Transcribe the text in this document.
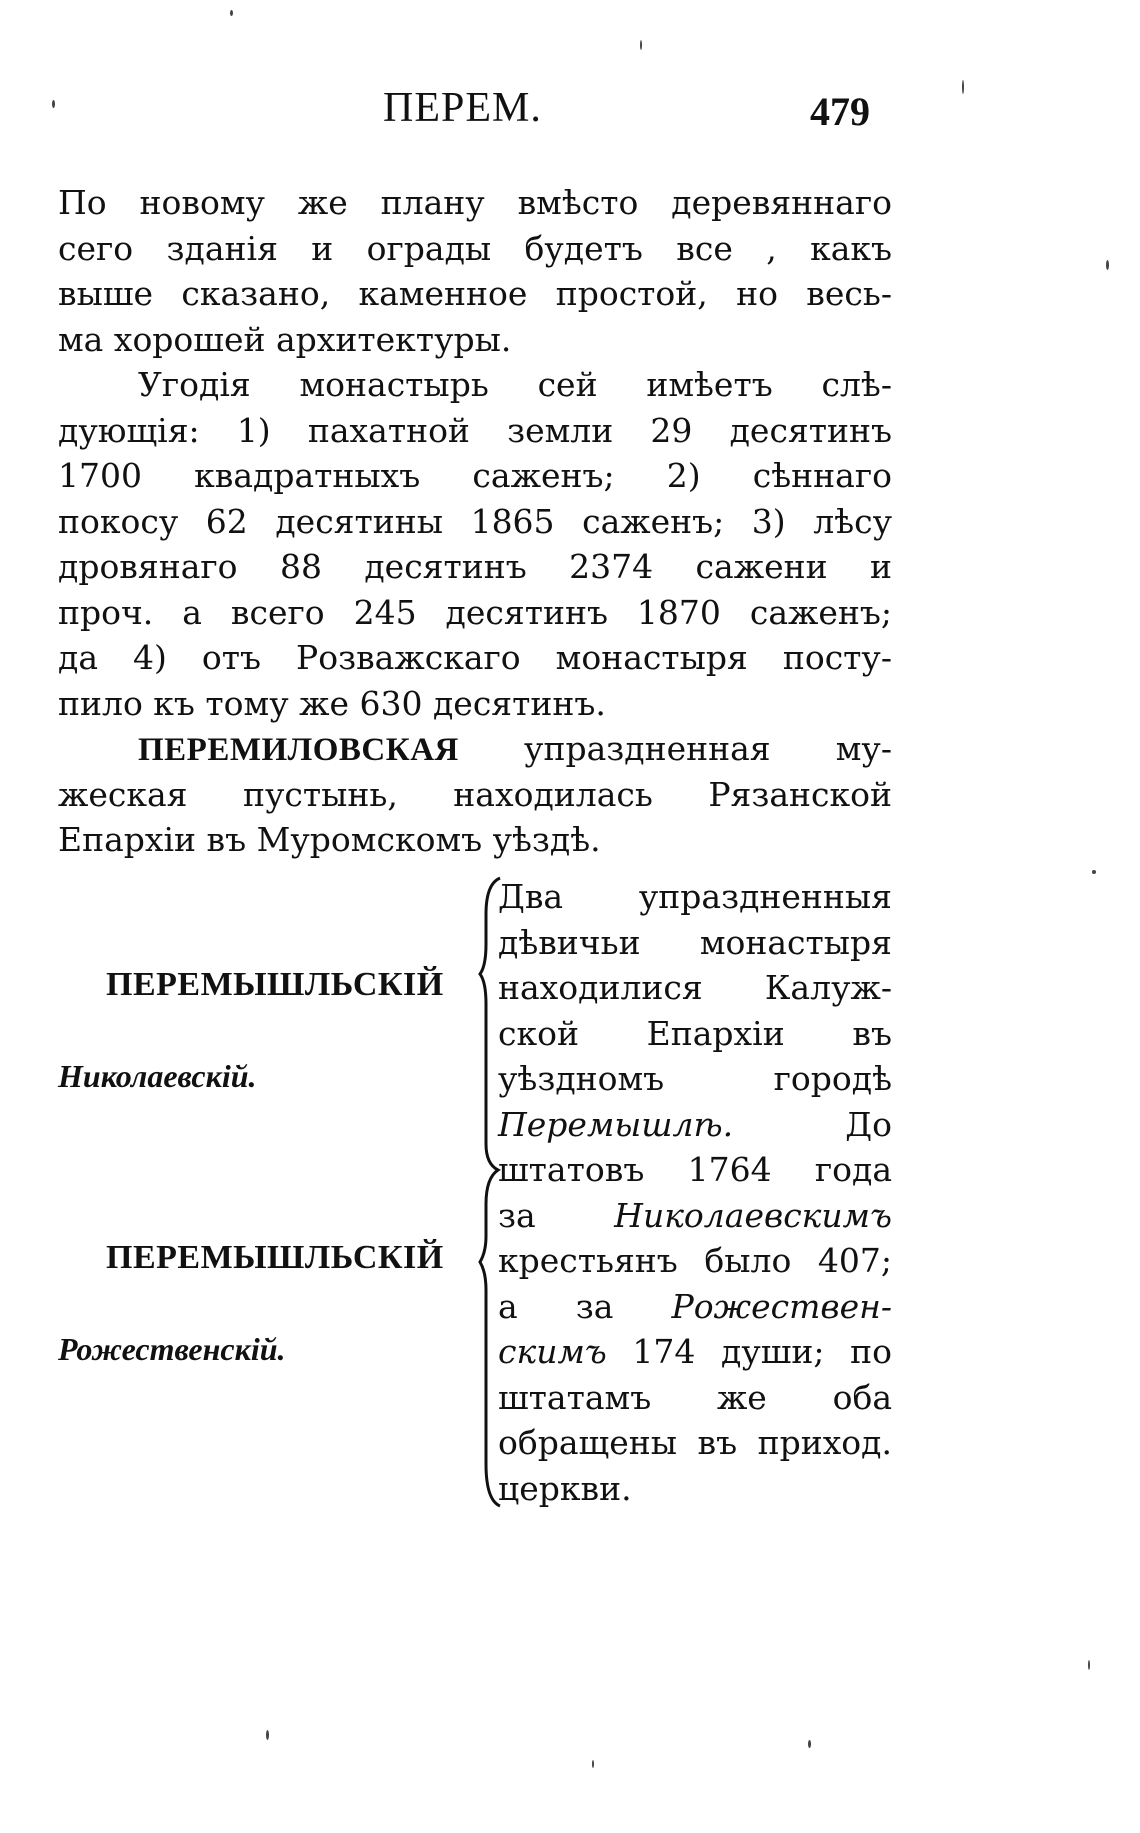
ПЕРЕМ.	479
По новому же плану вмѣсто деревяннаго
сего зданія и ограды будетъ все , какъ
выше сказано, каменное простой, но весь-
ма хорошей архитектуры.
Угодія монастырь сей имѣетъ слѣ-
дующія: 1) пахатной земли 29 десятинъ
1700 квадратныхъ саженъ; 2) сѣннаго
покосу 62 десятины 1865 саженъ; 3) лѣсу
дровянаго 88 десятинъ 2374 сажени и
проч. а всего 245 десятинъ 1870 саженъ;
да 4) отъ Розважскаго монастыря посту-
пило къ тому же 630 десятинъ.
ПЕРЕМИЛОВСКАЯ упраздненная му-
жеская пустынь, находилась Рязанской
Епархіи въ Муромскомъ уѣздѣ.
ПЕРЕМЫШЛЬСКІЙ
Николаевскій.
ПЕРЕМЫШЛЬСКІЙ
Рожественскій.
Два упраздненныя
дѣвичьи монастыря
находилися Калуж-
ской Епархіи въ
уѣздномъ городѣ
Перемышлѣ.	До
штатовъ 1764 года
за Николаевскимъ
крестьянъ было 407;
а за Рожествен-
скимъ 174 души; по
штатамъ же оба
обращены въ приход.
церкви.
